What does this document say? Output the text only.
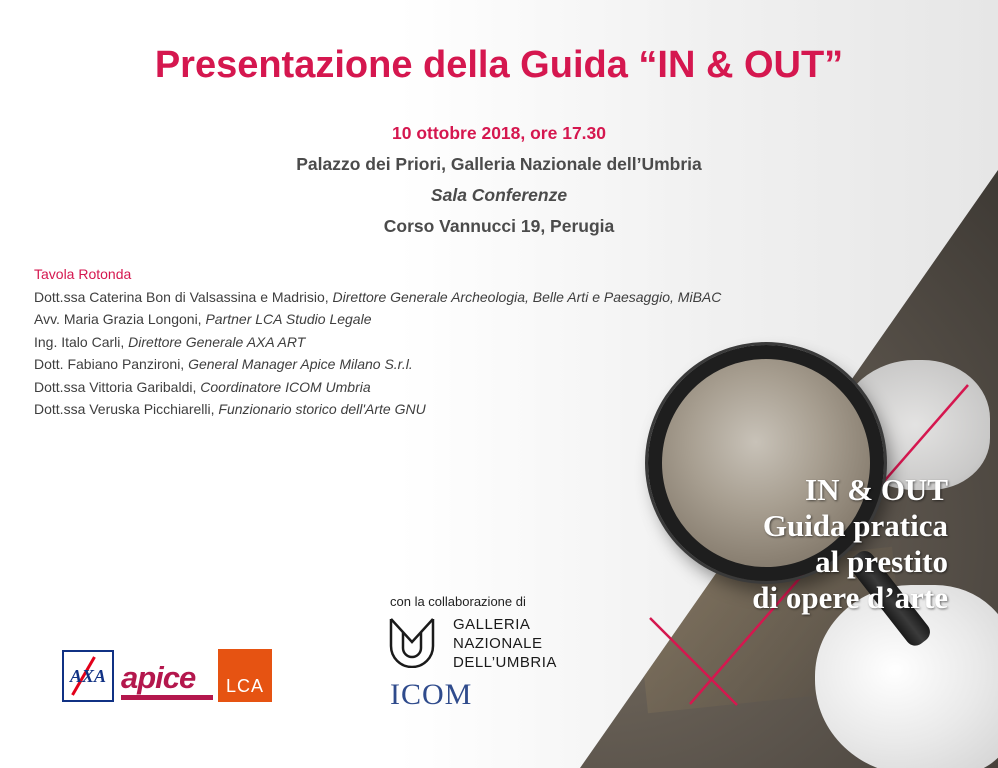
Presentazione della Guida “IN & OUT”
10 ottobre 2018, ore 17.30
Palazzo dei Priori, Galleria Nazionale dell’Umbria
Sala Conferenze
Corso Vannucci 19, Perugia
Tavola Rotonda
Dott.ssa Caterina Bon di Valsassina e Madrisio, Direttore Generale Archeologia, Belle Arti e Paesaggio, MiBAC
Avv. Maria Grazia Longoni, Partner LCA Studio Legale
Ing. Italo Carli, Direttore Generale AXA ART
Dott. Fabiano Panzironi, General Manager Apice Milano S.r.l.
Dott.ssa Vittoria Garibaldi, Coordinatore ICOM Umbria
Dott.ssa Veruska Picchiarelli, Funzionario storico dell'Arte GNU
IN & OUT
Guida pratica
al prestito
di opere d’arte
con la collaborazione di
GALLERIA
NAZIONALE
DELL’UMBRIA
ICOM
AXA apice	LCA
